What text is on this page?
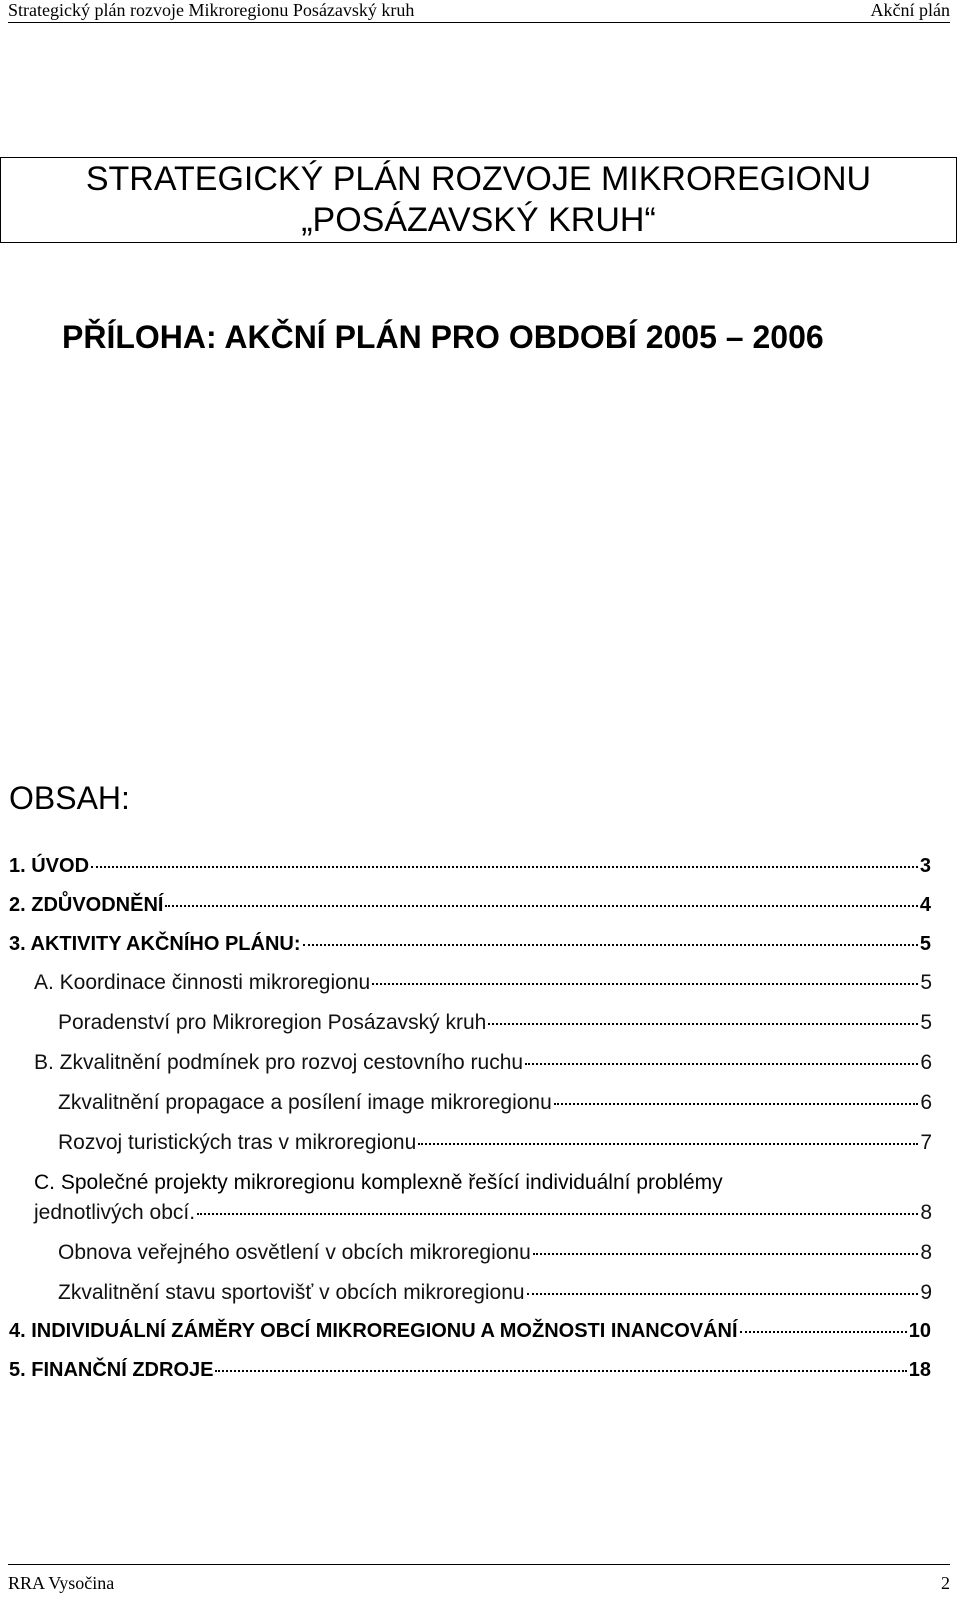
Strategický plán rozvoje Mikroregionu Posázavský kruh	Akční plán
STRATEGICKÝ PLÁN ROZVOJE MIKROREGIONU
„POSÁZAVSKÝ KRUH“
PŘÍLOHA: AKČNÍ PLÁN PRO OBDOBÍ 2005 – 2006
OBSAH:
1. ÚVOD	3
2. ZDŮVODNĚNÍ	4
3. AKTIVITY AKČNÍHO PLÁNU:	5
A. Koordinace činnosti mikroregionu	5
Poradenství pro Mikroregion Posázavský kruh	5
B. Zkvalitnění podmínek pro rozvoj cestovního ruchu	6
Zkvalitnění propagace a posílení image mikroregionu	6
Rozvoj turistických tras v mikroregionu	7
C. Společné projekty mikroregionu komplexně řešící individuální problémy
jednotlivých obcí.	8
Obnova veřejného osvětlení v obcích mikroregionu	8
Zkvalitnění stavu sportovišť v obcích mikroregionu	9
4. INDIVIDUÁLNÍ ZÁMĚRY OBCÍ MIKROREGIONU A MOŽNOSTI INANCOVÁNÍ	10
5. FINANČNÍ ZDROJE	18
RRA Vysočina	2
